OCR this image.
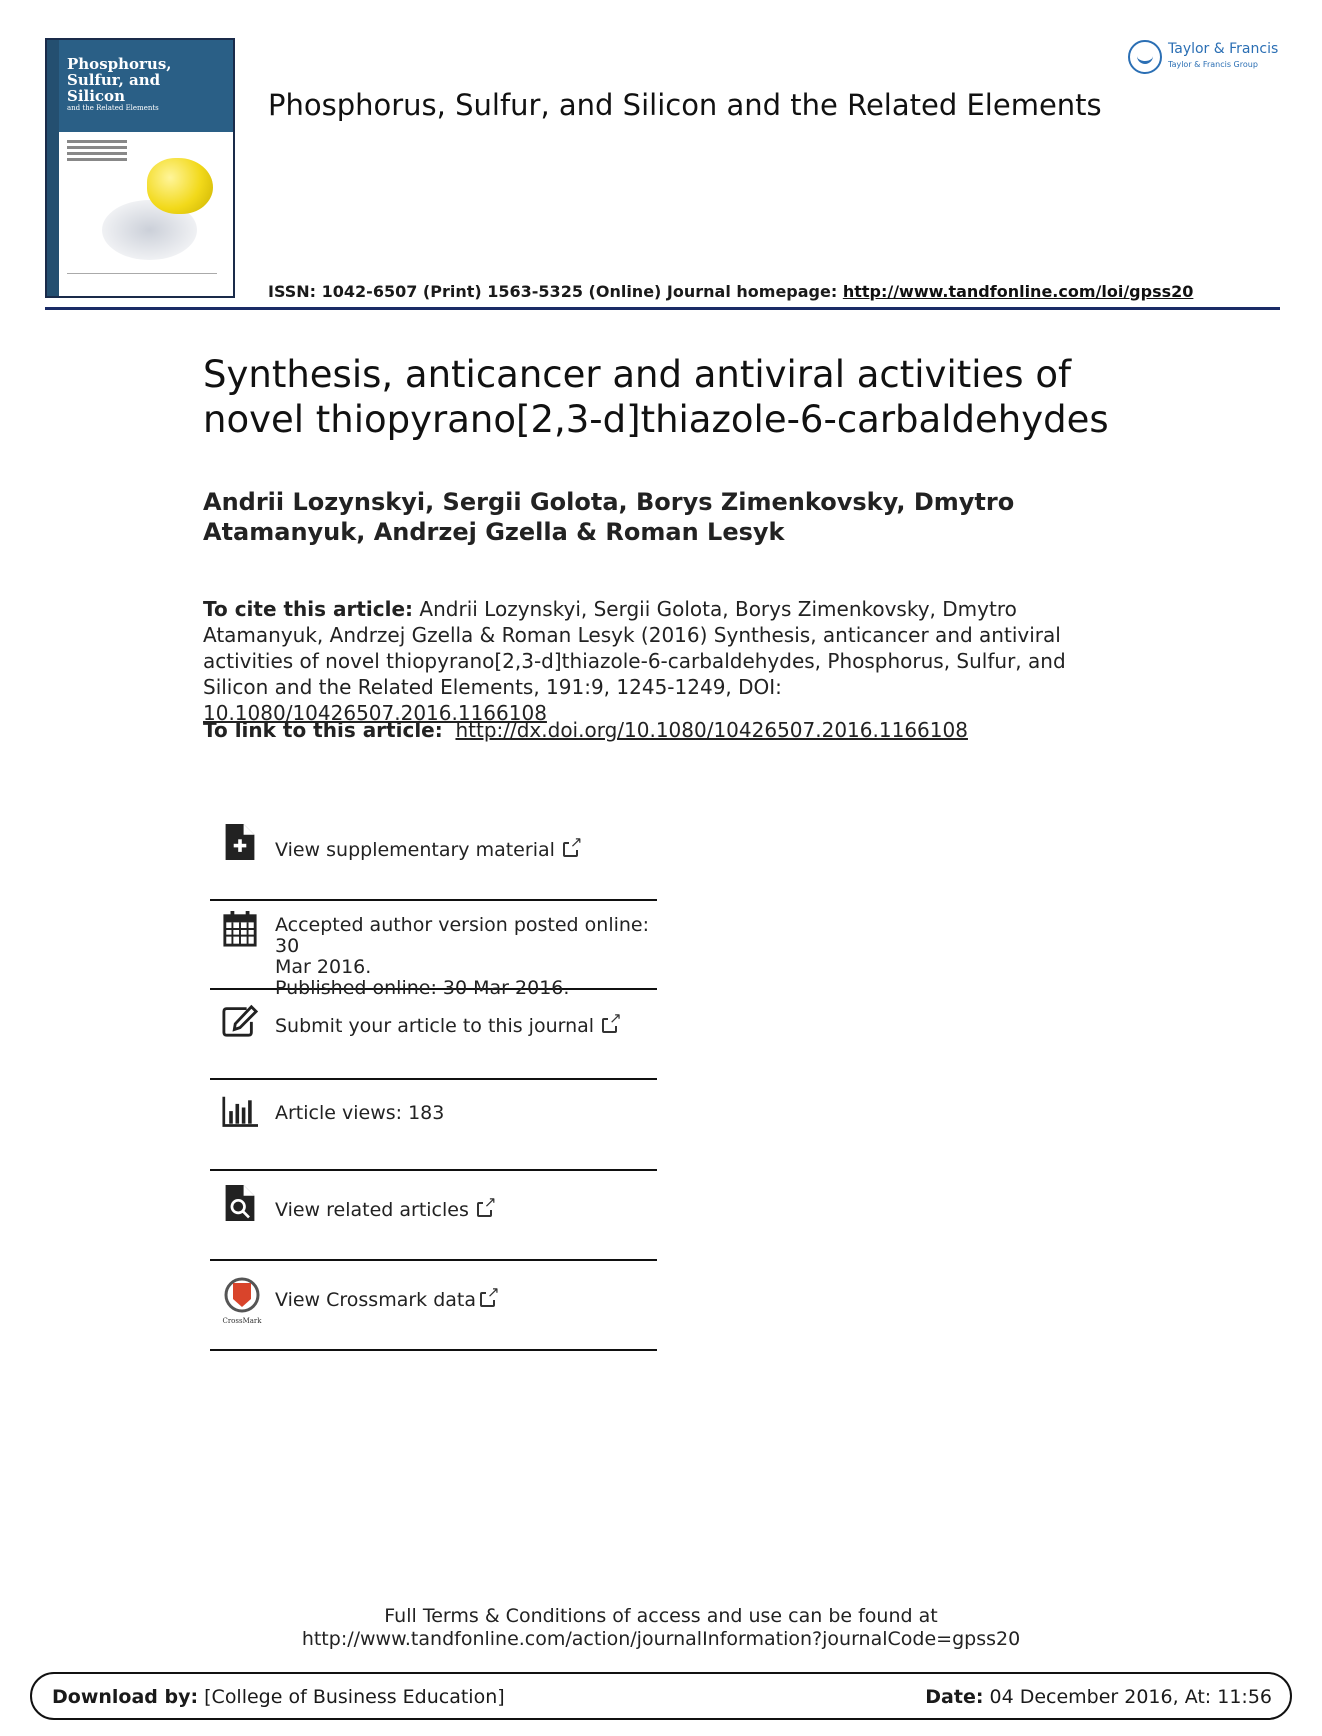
Phosphorus,
Sulfur, and
Silicon
and the Related Elements	Phosphorus, Sulfur, and Silicon and the Related Elements
Taylor & Francis
Taylor & Francis Group
ISSN: 1042-6507 (Print) 1563-5325 (Online) Journal homepage: http://www.tandfonline.com/loi/gpss20
Synthesis, anticancer and antiviral activities of novel thiopyrano[2,3-d]thiazole-6-carbaldehydes
Andrii Lozynskyi, Sergii Golota, Borys Zimenkovsky, Dmytro Atamanyuk, Andrzej Gzella & Roman Lesyk
To cite this article: Andrii Lozynskyi, Sergii Golota, Borys Zimenkovsky, Dmytro Atamanyuk, Andrzej Gzella & Roman Lesyk (2016) Synthesis, anticancer and antiviral activities of novel thiopyrano[2,3-d]thiazole-6-carbaldehydes, Phosphorus, Sulfur, and Silicon and the Related Elements, 191:9, 1245-1249, DOI: 10.1080/10426507.2016.1166108
To link to this article: http://dx.doi.org/10.1080/10426507.2016.1166108
View supplementary material↗
Accepted author version posted online: 30
Mar 2016.
Published online: 30 Mar 2016.
Submit your article to this journal↗
Article views: 183
View related articles↗
CrossMark
View Crossmark data↗
Full Terms & Conditions of access and use can be found at
http://www.tandfonline.com/action/journalInformation?journalCode=gpss20
Download by: [College of Business Education]	Date: 04 December 2016, At: 11:56
